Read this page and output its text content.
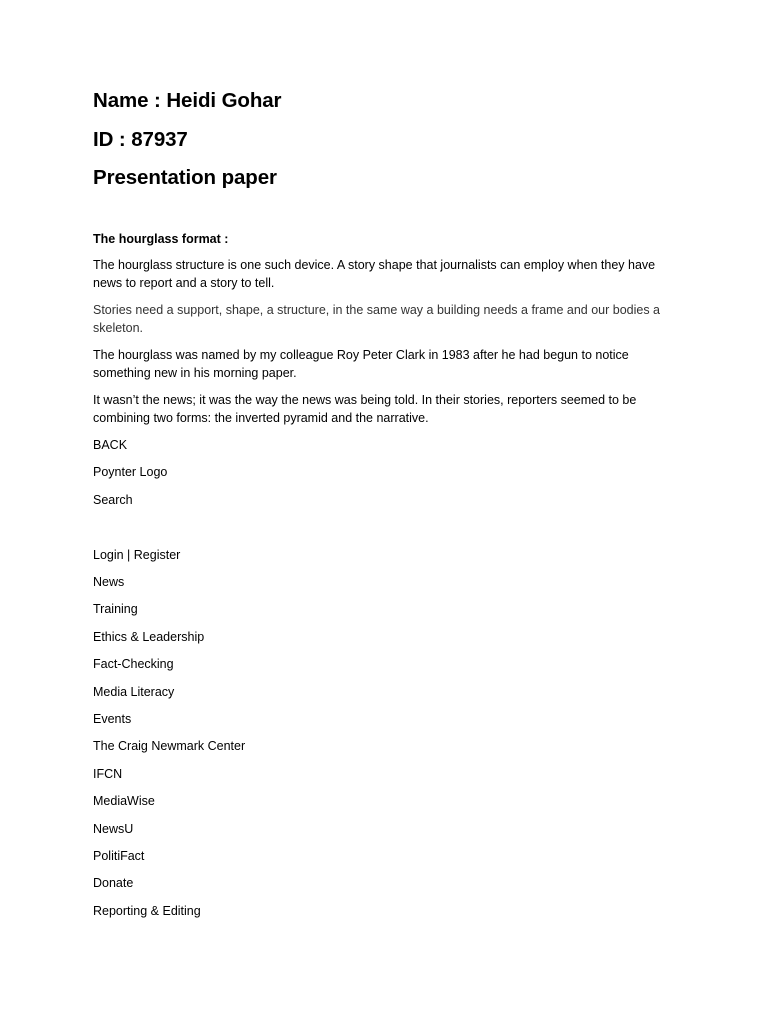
Name : Heidi Gohar
ID : 87937
Presentation paper
The hourglass format :

The hourglass structure is one such device. A story shape that journalists can employ when they have news to report and a story to tell.

Stories need a support, shape, a structure, in the same way a building needs a frame and our bodies a skeleton.

The hourglass was named by my colleague Roy Peter Clark in 1983 after he had begun to notice something new in his morning paper.

It wasn’t the news; it was the way the news was being told. In their stories, reporters seemed to be combining two forms: the inverted pyramid and the narrative.

BACK
Poynter Logo
Search
Login | Register
News
Training
Ethics & Leadership
Fact-Checking
Media Literacy
Events
The Craig Newmark Center
IFCN
MediaWise
NewsU
PolitiFact
Donate
Reporting & Editing
